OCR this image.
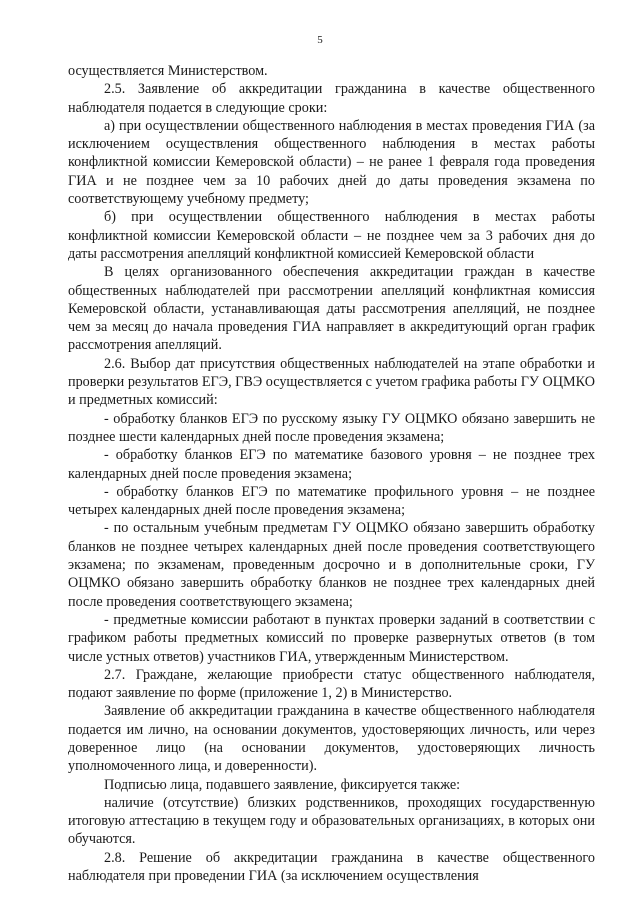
5

осуществляется Министерством.

2.5. Заявление об аккредитации гражданина в качестве общественного наблюдателя подается в следующие сроки:

а) при осуществлении общественного наблюдения в местах проведения ГИА (за исключением осуществления общественного наблюдения в местах работы конфликтной комиссии Кемеровской области) – не ранее 1 февраля года проведения ГИА и не позднее чем за 10 рабочих дней до даты проведения экзамена по соответствующему учебному предмету;

б) при осуществлении общественного наблюдения в местах работы конфликтной комиссии Кемеровской области – не позднее чем за 3 рабочих дня до даты рассмотрения апелляций конфликтной комиссией Кемеровской области

В целях организованного обеспечения аккредитации граждан в качестве общественных наблюдателей при рассмотрении апелляций конфликтная комиссия Кемеровской области, устанавливающая даты рассмотрения апелляций, не позднее чем за месяц до начала проведения ГИА направляет в аккредитующий орган график рассмотрения апелляций.

2.6. Выбор дат присутствия общественных наблюдателей на этапе обработки и проверки результатов ЕГЭ, ГВЭ осуществляется с учетом графика работы ГУ ОЦМКО и предметных комиссий:

- обработку бланков ЕГЭ по русскому языку ГУ ОЦМКО обязано завершить не позднее шести календарных дней после проведения экзамена;

- обработку бланков ЕГЭ по математике базового уровня – не позднее трех календарных дней после проведения экзамена;

- обработку бланков ЕГЭ по математике профильного уровня – не позднее четырех календарных дней после проведения экзамена;

- по остальным учебным предметам ГУ ОЦМКО обязано завершить обработку бланков не позднее четырех календарных дней после проведения соответствующего экзамена; по экзаменам, проведенным досрочно и в дополнительные сроки, ГУ ОЦМКО обязано завершить обработку бланков не позднее трех календарных дней после проведения соответствующего экзамена;

- предметные комиссии работают в пунктах проверки заданий в соответствии с графиком работы предметных комиссий по проверке развернутых ответов (в том числе устных ответов) участников ГИА, утвержденным Министерством.

2.7. Граждане, желающие приобрести статус общественного наблюдателя, подают заявление по форме (приложение 1, 2) в Министерство.

Заявление об аккредитации гражданина в качестве общественного наблюдателя подается им лично, на основании документов, удостоверяющих личность, или через доверенное лицо (на основании документов, удостоверяющих личность уполномоченного лица, и доверенности).

Подписью лица, подавшего заявление, фиксируется также:

наличие (отсутствие) близких родственников, проходящих государственную итоговую аттестацию в текущем году и образовательных организациях, в которых они обучаются.

2.8. Решение об аккредитации гражданина в качестве общественного наблюдателя при проведении ГИА (за исключением осуществления
